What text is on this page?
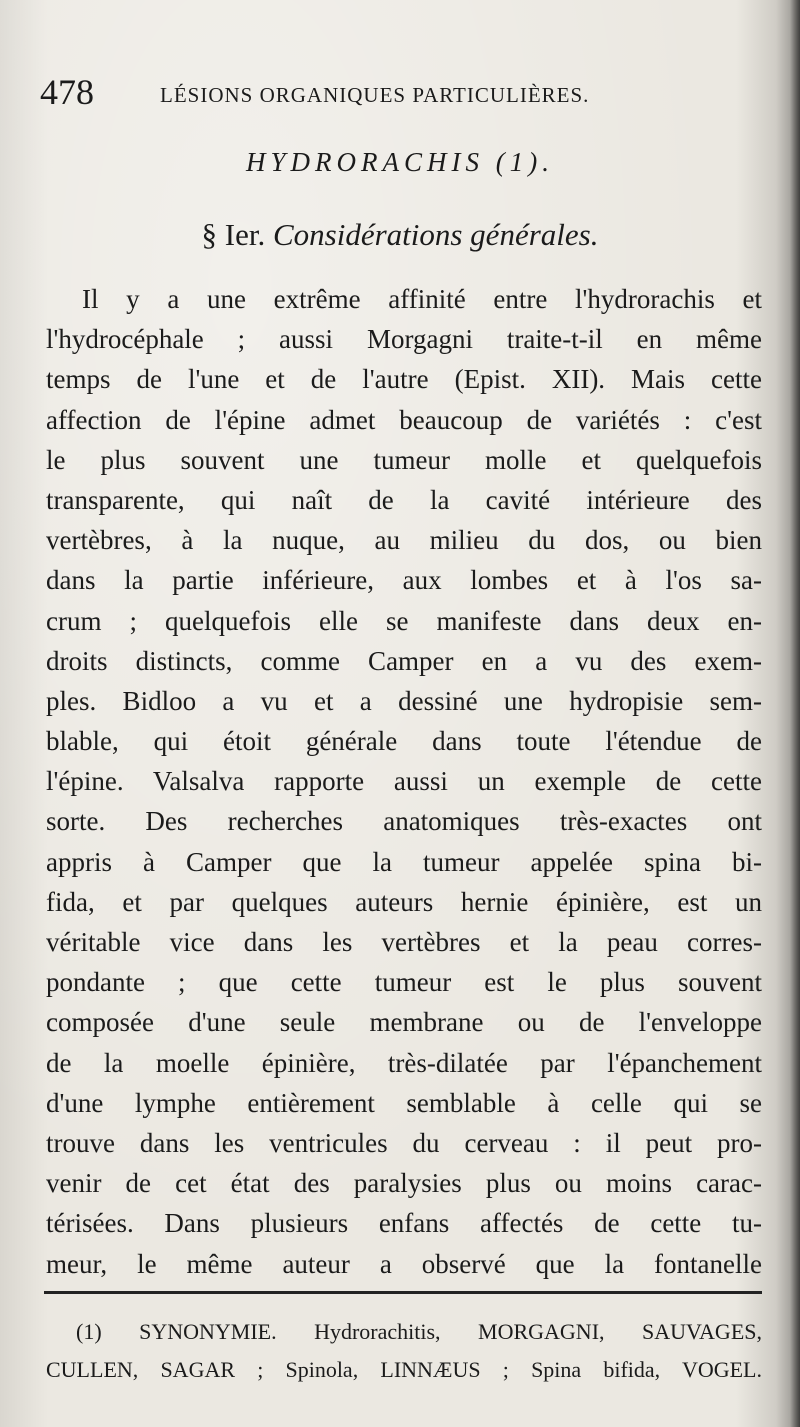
478	LÉSIONS ORGANIQUES PARTICULIÈRES.
HYDRORACHIS (1).
§ Ier. Considérations générales.
Il y a une extrême affinité entre l'hydrorachis et
l'hydrocéphale ; aussi Morgagni traite-t-il en même
temps de l'une et de l'autre (Epist. XII). Mais cette
affection de l'épine admet beaucoup de variétés : c'est
le plus souvent une tumeur molle et quelquefois
transparente, qui naît de la cavité intérieure des
vertèbres, à la nuque, au milieu du dos, ou bien
dans la partie inférieure, aux lombes et à l'os sa-
crum ; quelquefois elle se manifeste dans deux en-
droits distincts, comme Camper en a vu des exem-
ples. Bidloo a vu et a dessiné une hydropisie sem-
blable, qui étoit générale dans toute l'étendue de
l'épine. Valsalva rapporte aussi un exemple de cette
sorte. Des recherches anatomiques très-exactes ont
appris à Camper que la tumeur appelée spina bi-
fida, et par quelques auteurs hernie épinière, est un
véritable vice dans les vertèbres et la peau corres-
pondante ; que cette tumeur est le plus souvent
composée d'une seule membrane ou de l'enveloppe
de la moelle épinière, très-dilatée par l'épanchement
d'une lymphe entièrement semblable à celle qui se
trouve dans les ventricules du cerveau : il peut pro-
venir de cet état des paralysies plus ou moins carac-
térisées. Dans plusieurs enfans affectés de cette tu-
meur, le même auteur a observé que la fontanelle
(1) SYNONYMIE. Hydrorachitis, MORGAGNI, SAUVAGES,
CULLEN, SAGAR ; Spinola, LINNÆUS ; Spina bifida, VOGEL.
